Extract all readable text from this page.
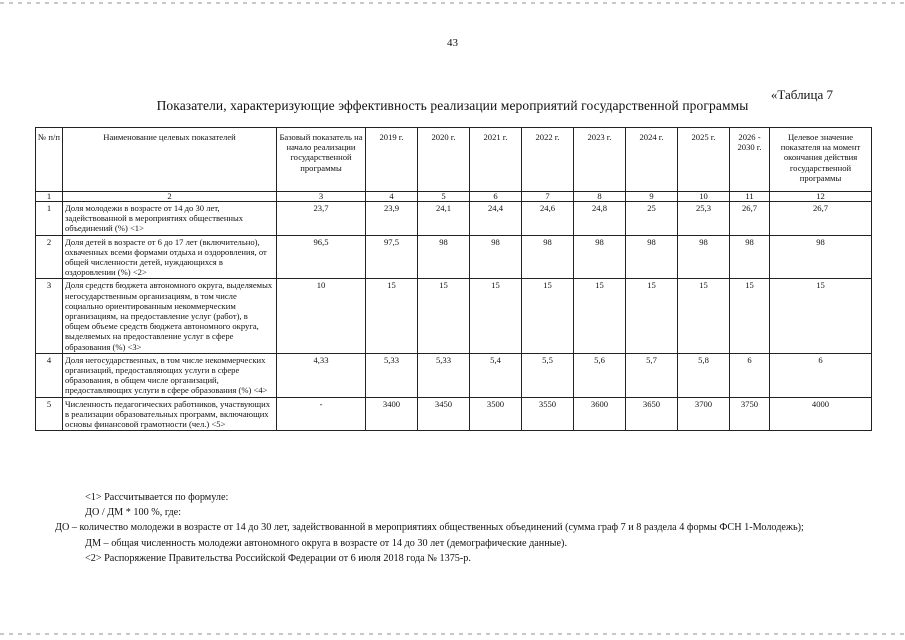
43
«Таблица 7
Показатели, характеризующие эффективность реализации мероприятий государственной программы
№ п/п	Наименование целевых показателей	Базовый показатель на начало реализации государственной программы	2019 г.	2020 г.	2021 г.	2022 г.	2023 г.	2024 г.	2025 г.	2026 - 2030 г.	Целевое значение показателя на момент окончания действия государственной программы
1	2	3	4	5	6	7	8	9	10	11	12
1	Доля молодежи в возрасте от 14 до 30 лет, задействованной в мероприятиях общественных объединений (%) <1>	23,7	23,9	24,1	24,4	24,6	24,8	25	25,3	26,7	26,7
2	Доля детей в возрасте от 6 до 17 лет (включительно), охваченных всеми формами отдыха и оздоровления, от общей численности детей, нуждающихся в оздоровлении (%) <2>	96,5	97,5	98	98	98	98	98	98	98	98
3	Доля средств бюджета автономного округа, выделяемых негосударственным организациям, в том числе социально ориентированным некоммерческим организациям, на предоставление услуг (работ), в общем объеме средств бюджета автономного округа, выделяемых на предоставление услуг в сфере образования (%) <3>	10	15	15	15	15	15	15	15	15	15
4	Доля негосударственных, в том числе некоммерческих организаций, предоставляющих услуги в сфере образования, в общем числе организаций, предоставляющих услуги в сфере образования (%) <4>	4,33	5,33	5,33	5,4	5,5	5,6	5,7	5,8	6	6
5	Численность педагогических работников, участвующих в реализации образовательных программ, включающих основы финансовой грамотности (чел.) <5>	-	3400	3450	3500	3550	3600	3650	3700	3750	4000
<1> Рассчитывается по формуле:
ДО / ДМ * 100 %, где:
ДО – количество молодежи в возрасте от 14 до 30 лет, задействованной в мероприятиях общественных объединений (сумма граф 7 и 8 раздела 4 формы ФСН 1-Молодежь);
ДМ – общая численность молодежи автономного округа в возрасте от 14 до 30 лет (демографические данные).
<2> Распоряжение Правительства Российской Федерации от 6 июля 2018 года № 1375-р.
